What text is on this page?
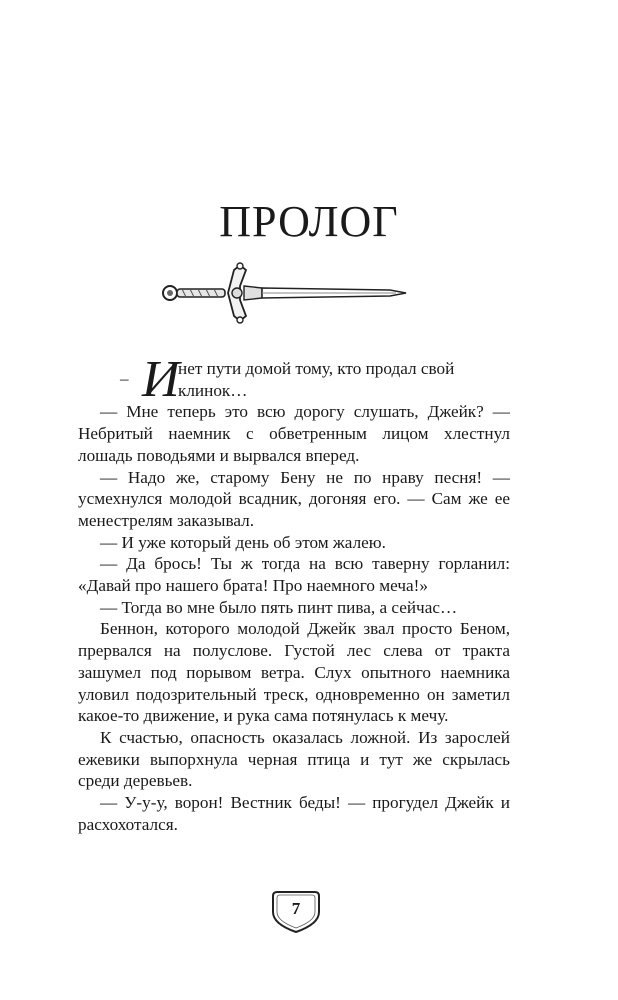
ПРОЛОГ

– И
нет пути домой тому, кто продал свой
клинок…

— Мне теперь это всю дорогу слушать, Джейк? — Небритый наемник с обветренным лицом хлестнул лошадь поводьями и вырвался вперед.

— Надо же, старому Бену не по нраву песня! — усмехнулся молодой всадник, догоняя его. — Сам же ее менестрелям заказывал.

— И уже который день об этом жалею.

— Да брось! Ты ж тогда на всю таверну горланил: «Давай про нашего брата! Про наемного меча!»

— Тогда во мне было пять пинт пива, а сейчас…

Беннон, которого молодой Джейк звал просто Беном, прервался на полуслове. Густой лес слева от тракта зашумел под порывом ветра. Слух опытного наемника уловил подозрительный треск, одновременно он заметил какое-то движение, и рука сама потянулась к мечу.

К счастью, опасность оказалась ложной. Из зарослей ежевики выпорхнула черная птица и тут же скрылась среди деревьев.

— У-у-у, ворон! Вестник беды! — прогудел Джейк и расхохотался.

7
